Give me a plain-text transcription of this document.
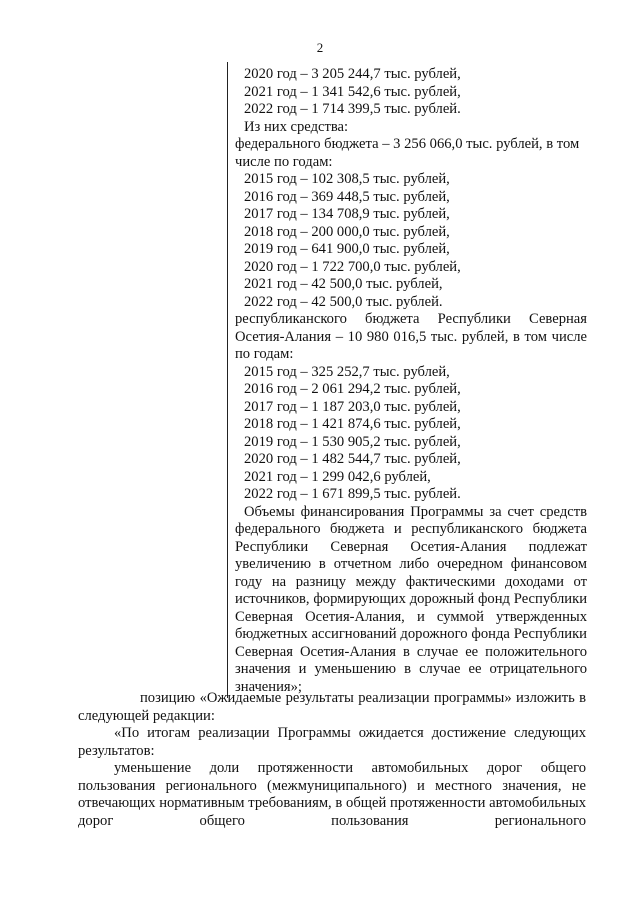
2

2020 год – 3 205 244,7 тыс. рублей,

2021 год – 1 341 542,6 тыс. рублей,

2022 год – 1 714 399,5 тыс. рублей.

Из них средства:

федерального бюджета – 3 256 066,0 тыс. рублей, в том числе по годам:

2015 год – 102 308,5 тыс. рублей,

2016 год – 369 448,5 тыс. рублей,

2017 год – 134 708,9 тыс. рублей,

2018 год – 200 000,0 тыс. рублей,

2019 год – 641 900,0 тыс. рублей,

2020 год – 1 722 700,0 тыс. рублей,

2021 год – 42 500,0 тыс. рублей,

2022 год – 42 500,0 тыс. рублей.

республиканского бюджета Республики Северная Осетия-Алания – 10 980 016,5 тыс. рублей, в том числе по годам:

2015 год – 325 252,7 тыс. рублей,

2016 год – 2 061 294,2 тыс. рублей,

2017 год – 1 187 203,0 тыс. рублей,

2018 год – 1 421 874,6 тыс. рублей,

2019 год – 1 530 905,2 тыс. рублей,

2020 год – 1 482 544,7 тыс. рублей,

2021 год – 1 299 042,6 рублей,

2022 год – 1 671 899,5 тыс. рублей.

Объемы финансирования Программы за счет средств федерального бюджета и республиканского бюджета Республики Северная Осетия-Алания подлежат увеличению в отчетном либо очередном финансовом году на разницу между фактическими доходами от источников, формирующих дорожный фонд Республики Северная Осетия-Алания, и суммой утвержденных бюджетных ассигнований дорожного фонда Республики Северная Осетия-Алания в случае ее положительного значения и уменьшению в случае ее отрицательного значения»;

позицию «Ожидаемые результаты реализации программы» изложить в следующей редакции:

«По итогам реализации Программы ожидается достижение следующих результатов:

уменьшение доли протяженности автомобильных дорог общего пользования регионального (межмуниципального) и местного значения, не отвечающих нормативным требованиям, в общей протяженности автомобильных дорог общего пользования регионального
